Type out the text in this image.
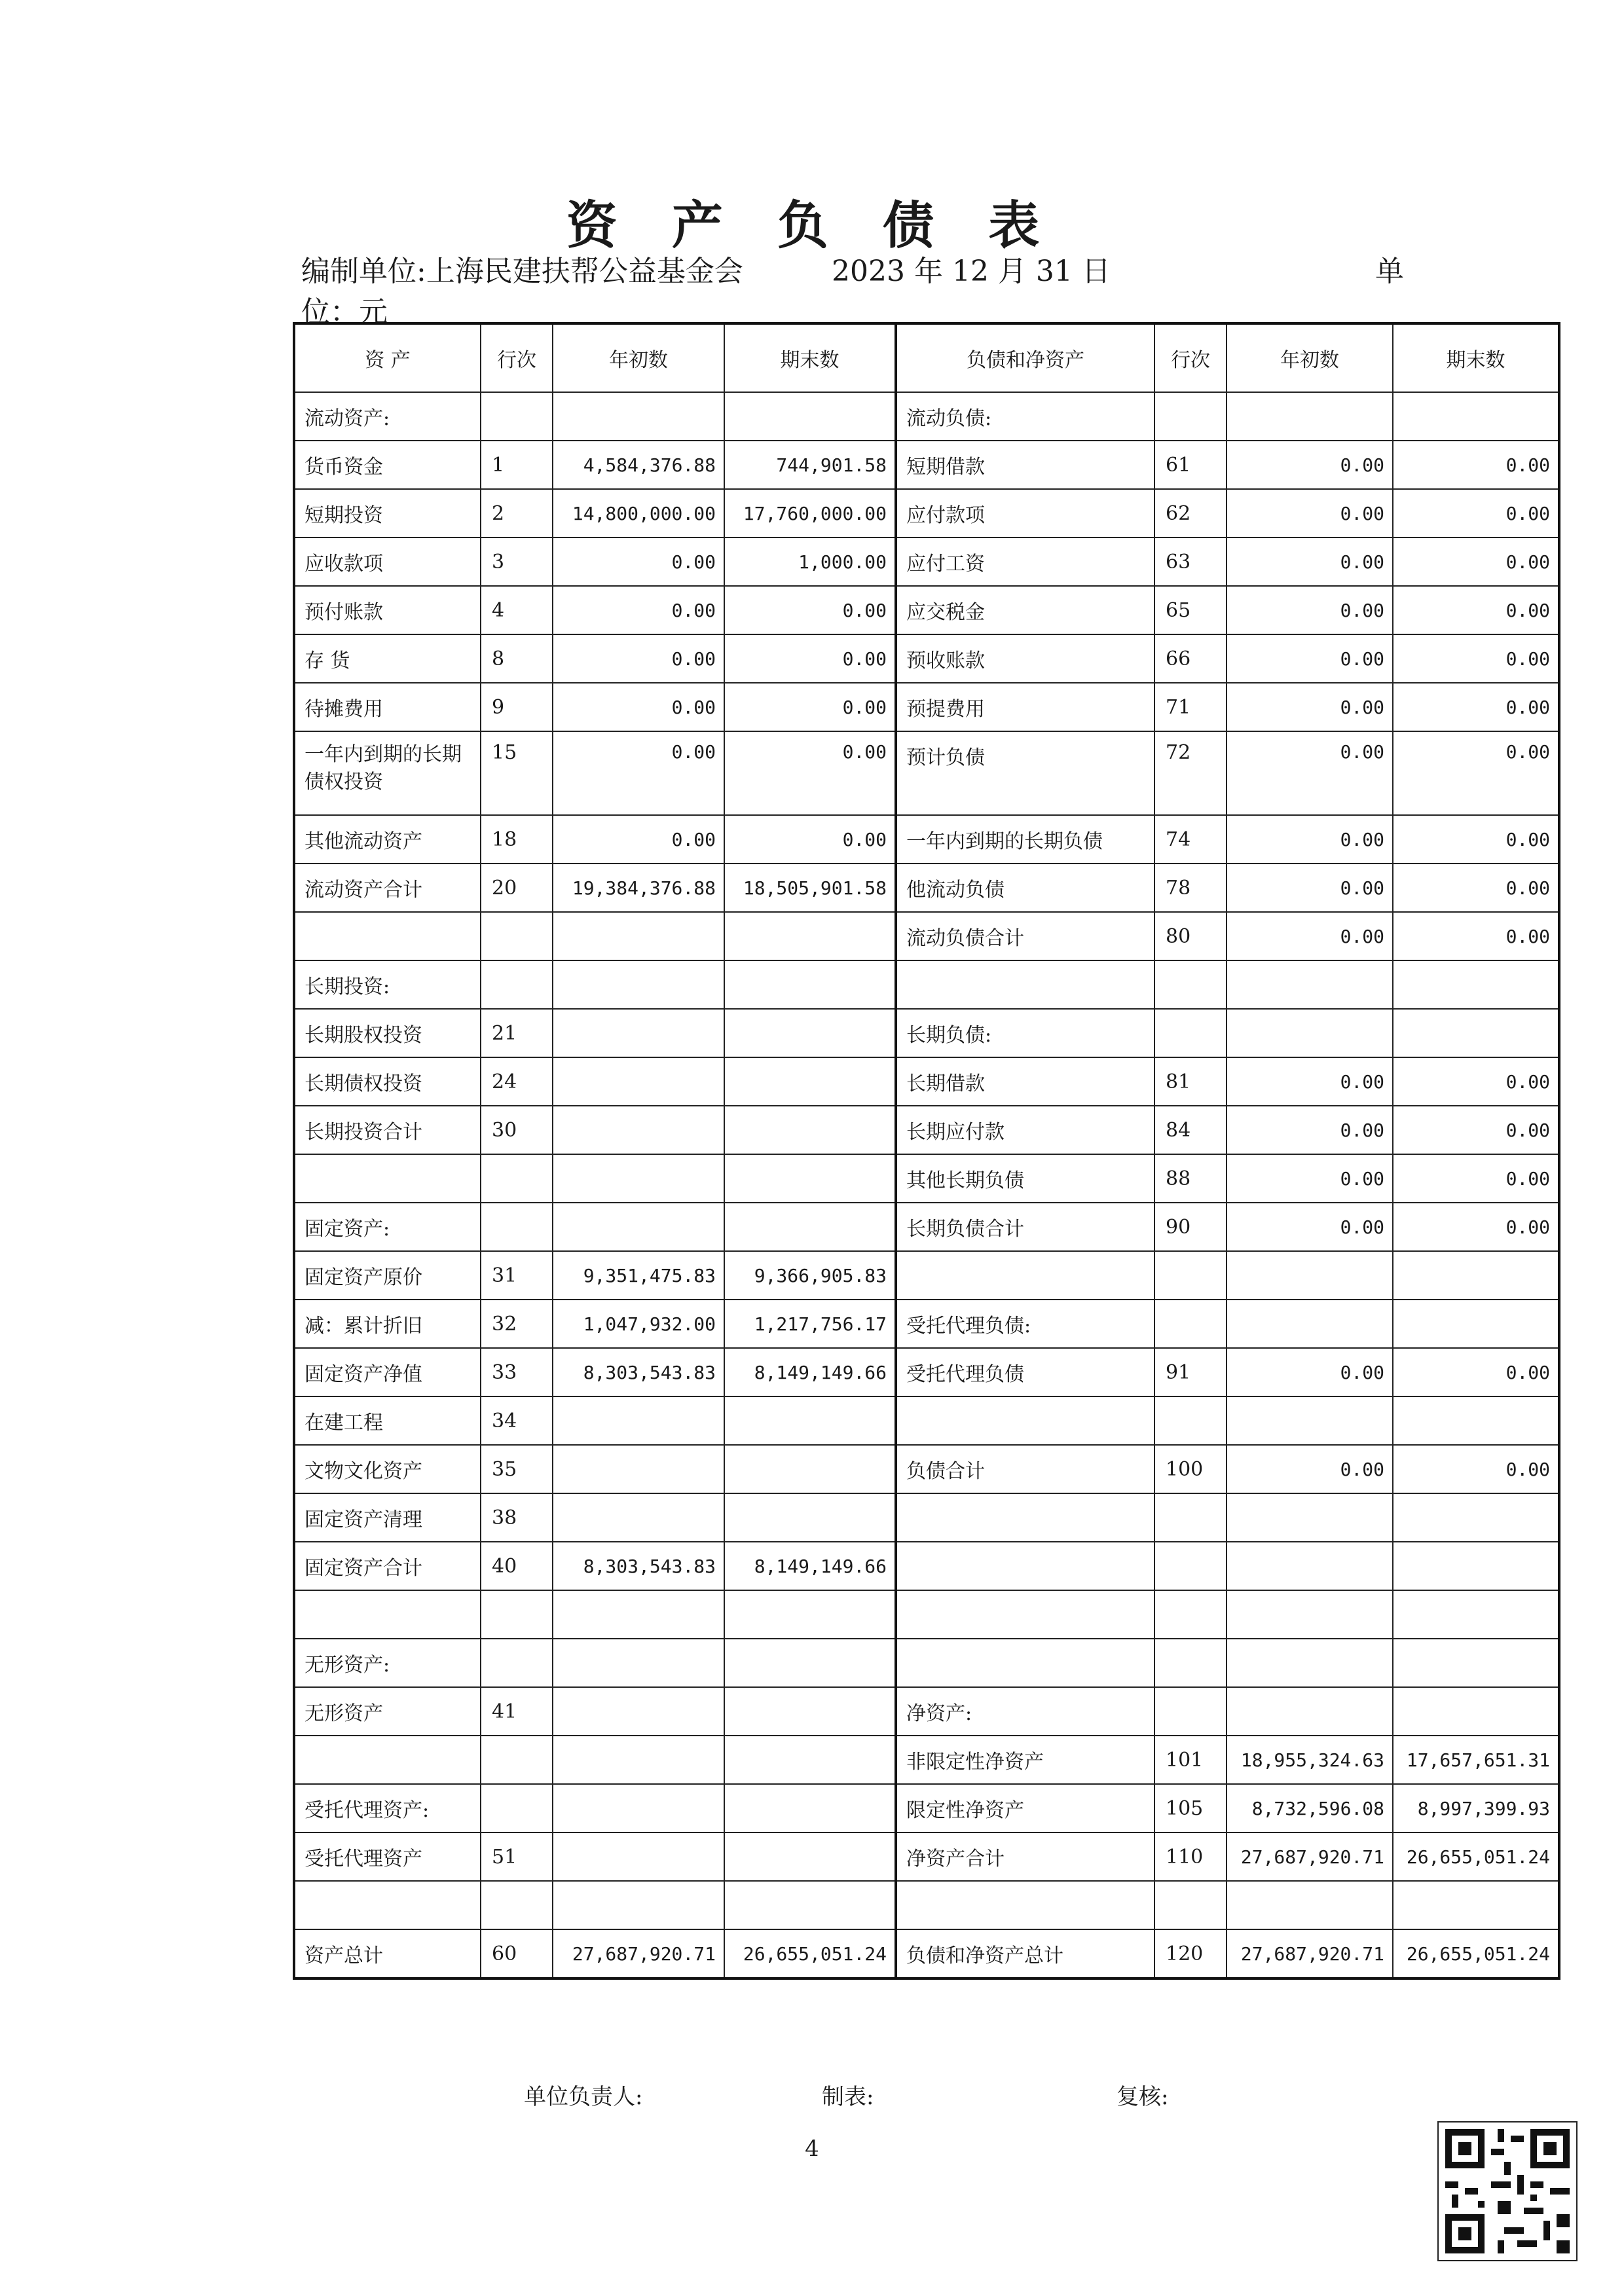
资 产 负 债 表
编制单位:上海民建扶帮公益基金会	2023 年 12 月 31 日	单
位：元
资 产	行次	年初数	期末数	负债和净资产	行次	年初数	期末数
流动资产:				流动负债:			
货币资金	1	4,584,376.88	744,901.58	短期借款	61	0.00	0.00
短期投资	2	14,800,000.00	17,760,000.00	应付款项	62	0.00	0.00
应收款项	3	0.00	1,000.00	应付工资	63	0.00	0.00
预付账款	4	0.00	0.00	应交税金	65	0.00	0.00
存 货	8	0.00	0.00	预收账款	66	0.00	0.00
待摊费用	9	0.00	0.00	预提费用	71	0.00	0.00
一年内到期的长期债权投资	15	0.00	0.00	预计负债	72	0.00	0.00
其他流动资产	18	0.00	0.00	一年内到期的长期负债	74	0.00	0.00
流动资产合计	20	19,384,376.88	18,505,901.58	他流动负债	78	0.00	0.00
				流动负债合计	80	0.00	0.00
长期投资:							
长期股权投资	21			长期负债:			
长期债权投资	24			长期借款	81	0.00	0.00
长期投资合计	30			长期应付款	84	0.00	0.00
				其他长期负债	88	0.00	0.00
固定资产:				长期负债合计	90	0.00	0.00
固定资产原价	31	9,351,475.83	9,366,905.83				
减：累计折旧	32	1,047,932.00	1,217,756.17	受托代理负债:			
固定资产净值	33	8,303,543.83	8,149,149.66	受托代理负债	91	0.00	0.00
在建工程	34						
文物文化资产	35			负债合计	100	0.00	0.00
固定资产清理	38						
固定资产合计	40	8,303,543.83	8,149,149.66				

无形资产:							
无形资产	41			净资产:			
				非限定性净资产	101	18,955,324.63	17,657,651.31
受托代理资产:				限定性净资产	105	8,732,596.08	8,997,399.93
受托代理资产	51			净资产合计	110	27,687,920.71	26,655,051.24

资产总计	60	27,687,920.71	26,655,051.24	负债和净资产总计	120	27,687,920.71	26,655,051.24
单位负责人:	制表:	复核:
4
